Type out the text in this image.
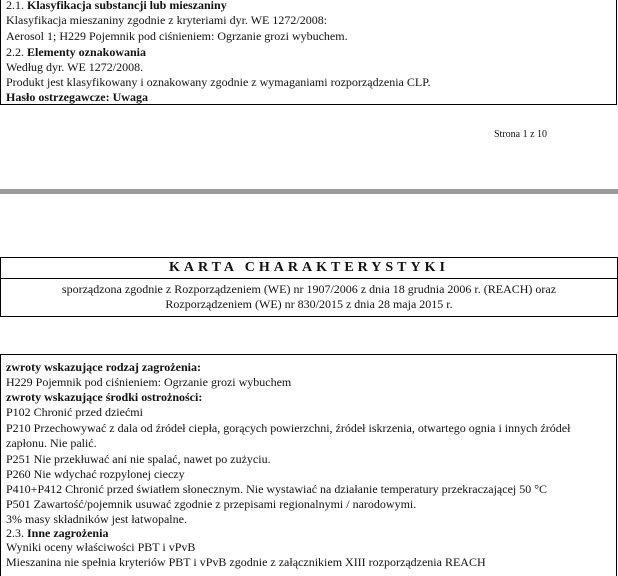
2.1. Klasyfikacja substancji lub mieszaniny
Klasyfikacja mieszaniny zgodnie z kryteriami dyr. WE 1272/2008:
Aerosol 1; H229 Pojemnik pod ciśnieniem: Ogrzanie grozi wybuchem.
2.2. Elementy oznakowania
Według dyr. WE 1272/2008.
Produkt jest klasyfikowany i oznakowany zgodnie z wymaganiami rozporządzenia CLP.
Hasło ostrzegawcze: Uwaga
Strona 1 z 10
KARTA CHARAKTERYSTYKI
sporządzona zgodnie z Rozporządzeniem (WE) nr 1907/2006 z dnia 18 grudnia 2006 r. (REACH) oraz
Rozporządzeniem (WE) nr 830/2015 z dnia 28 maja 2015 r.
zwroty wskazujące rodzaj zagrożenia:
H229 Pojemnik pod ciśnieniem: Ogrzanie grozi wybuchem
zwroty wskazujące środki ostrożności:
P102 Chronić przed dziećmi
P210 Przechowywać z dala od źródeł ciepła, gorących powierzchni, źródeł iskrzenia, otwartego ognia i innych źródeł
zapłonu. Nie palić.
P251 Nie przekłuwać ani nie spalać, nawet po zużyciu.
P260 Nie wdychać rozpylonej cieczy
P410+P412 Chronić przed światłem słonecznym. Nie wystawiać na działanie temperatury przekraczającej 50 °C
P501 Zawartość/pojemnik usuwać zgodnie z przepisami regionalnymi / narodowymi.
3% masy składników jest łatwopalne.
2.3. Inne zagrożenia
Wyniki oceny właściwości PBT i vPvB
Mieszanina nie spełnia kryteriów PBT i vPvB zgodnie z załącznikiem XIII rozporządzenia REACH
